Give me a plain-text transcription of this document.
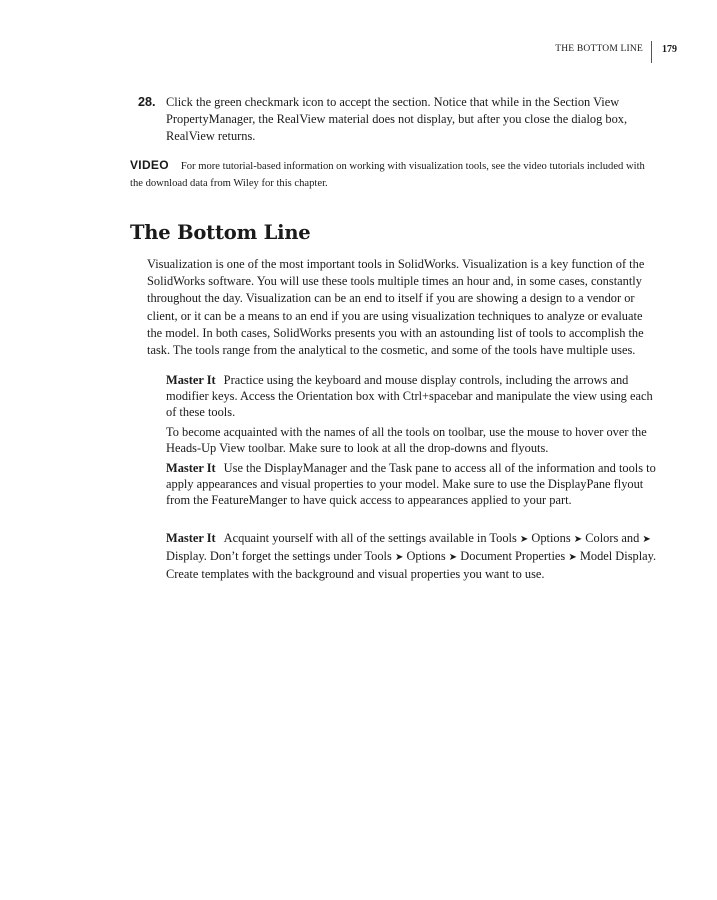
THE BOTTOM LINE	179
28. Click the green checkmark icon to accept the section. Notice that while in the Section View PropertyManager, the RealView material does not display, but after you close the dialog box, RealView returns.
VIDEO For more tutorial-based information on working with visualization tools, see the video tutorials included with the download data from Wiley for this chapter.
The Bottom Line

Visualization is one of the most important tools in SolidWorks. Visualization is a key function of the SolidWorks software. You will use these tools multiple times an hour and, in some cases, constantly throughout the day. Visualization can be an end to itself if you are showing a design to a vendor or client, or it can be a means to an end if you are using visualization techniques to analyze or evaluate the model. In both cases, SolidWorks presents you with an astounding list of tools to accomplish the task. The tools range from the analytical to the cosmetic, and some of the tools have multiple uses.

Master It Practice using the keyboard and mouse display controls, including the arrows and modifier keys. Access the Orientation box with Ctrl+spacebar and manipulate the view using each of these tools.

To become acquainted with the names of all the tools on toolbar, use the mouse to hover over the Heads-Up View toolbar. Make sure to look at all the drop-downs and flyouts.

Master It Use the DisplayManager and the Task pane to access all of the information and tools to apply appearances and visual properties to your model. Make sure to use the DisplayPane flyout from the FeatureManger to have quick access to appearances applied to your part.

Master It Acquaint yourself with all of the settings available in Tools ➤ Options ➤ Colors and ➤ Display. Don’t forget the settings under Tools ➤ Options ➤ Document Properties ➤ Model Display. Create templates with the background and visual properties you want to use.
